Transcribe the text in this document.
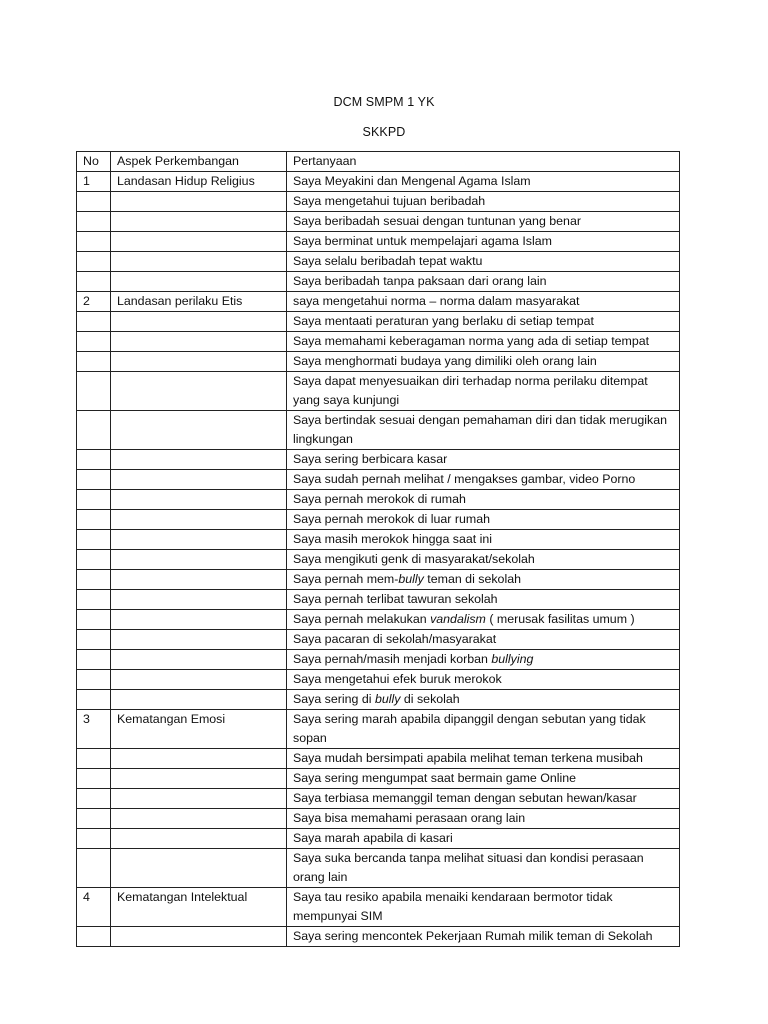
DCM SMPM 1 YK
SKKPD
No	Aspek Perkembangan	Pertanyaan
1	Landasan Hidup Religius	Saya Meyakini dan Mengenal Agama Islam
		Saya mengetahui tujuan beribadah
		Saya beribadah sesuai dengan tuntunan yang benar
		Saya berminat untuk mempelajari agama Islam
		Saya selalu beribadah tepat waktu
		Saya beribadah tanpa paksaan dari orang lain
2	Landasan perilaku Etis	saya mengetahui norma – norma dalam masyarakat
		Saya mentaati peraturan yang berlaku di setiap tempat
		Saya memahami keberagaman norma yang ada di setiap tempat
		Saya menghormati budaya yang dimiliki oleh orang lain
		Saya dapat menyesuaikan diri terhadap norma perilaku ditempat yang saya kunjungi
		Saya bertindak sesuai dengan pemahaman diri dan tidak merugikan lingkungan
		Saya sering berbicara kasar
		Saya sudah pernah melihat / mengakses gambar, video Porno
		Saya pernah merokok di rumah
		Saya pernah merokok di luar rumah
		Saya masih merokok hingga saat ini
		Saya mengikuti genk di masyarakat/sekolah
		Saya pernah mem-bully teman di sekolah
		Saya pernah terlibat tawuran sekolah
		Saya pernah melakukan vandalism ( merusak fasilitas umum )
		Saya pacaran di sekolah/masyarakat
		Saya pernah/masih menjadi korban bullying
		Saya mengetahui efek buruk merokok
		Saya sering di bully di sekolah
3	Kematangan Emosi	Saya sering marah apabila dipanggil dengan sebutan yang tidak sopan
		Saya mudah bersimpati apabila melihat teman terkena musibah
		Saya sering mengumpat saat bermain game Online
		Saya terbiasa memanggil teman dengan sebutan hewan/kasar
		Saya bisa memahami perasaan orang lain
		Saya marah apabila di kasari
		Saya suka bercanda tanpa melihat situasi dan kondisi perasaan orang lain
4	Kematangan Intelektual	Saya tau resiko apabila menaiki kendaraan bermotor tidak mempunyai SIM
		Saya sering mencontek Pekerjaan Rumah milik teman di Sekolah
